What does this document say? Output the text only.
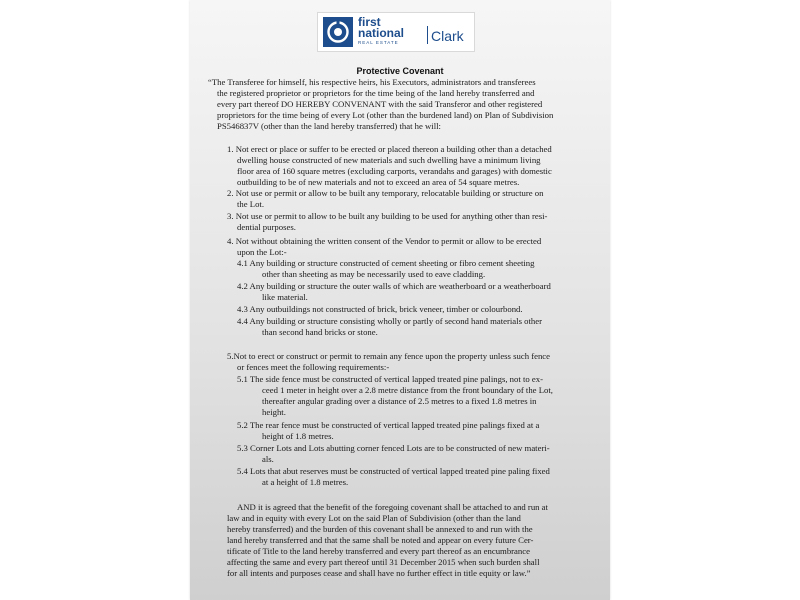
first
national
REAL ESTATE Clark
Protective Covenant

“The Transferee for himself, his respective heirs, his Executors, administrators and transferees

the registered proprietor or proprietors for the time being of the land hereby transferred and

every part thereof DO HEREBY CONVENANT with the said Transferor and other registered

proprietors for the time being of every Lot (other than the burdened land) on Plan of Subdivision

PS546837V (other than the land hereby transferred) that he will:

1. Not erect or place or suffer to be erected or placed thereon a building other than a detached

dwelling house constructed of new materials and such dwelling have a minimum living

floor area of 160 square metres (excluding carports, verandahs and garages) with domestic

outbuilding to be of new materials and not to exceed an area of 54 square metres.

2. Not use or permit or allow to be built any temporary, relocatable building or structure on

the Lot.

3. Not use or permit to allow to be built any building to be used for anything other than resi-

dential purposes.

4. Not without obtaining the written consent of the Vendor to permit or allow to be erected

upon the Lot:-

4.1 Any building or structure constructed of cement sheeting or fibro cement sheeting

other than sheeting as may be necessarily used to eave cladding.

4.2 Any building or structure the outer walls of which are weatherboard or a weatherboard

like material.

4.3 Any outbuildings not constructed of brick, brick veneer, timber or colourbond.

4.4 Any building or structure consisting wholly or partly of second hand materials other

than second hand bricks or stone.

5.Not to erect or construct or permit to remain any fence upon the property unless such fence

or fences meet the following requirements:-

5.1 The side fence must be constructed of vertical lapped treated pine palings, not to ex-

ceed 1 meter in height over a 2.8 metre distance from the front boundary of the Lot,

thereafter angular grading over a distance of 2.5 metres to a fixed 1.8 metres in

height.

5.2 The rear fence must be constructed of vertical lapped treated pine palings fixed at a

height of 1.8 metres.

5.3 Corner Lots and Lots abutting corner fenced Lots are to be constructed of new materi-

als.

5.4 Lots that abut reserves must be constructed of vertical lapped treated pine paling fixed

at a height of 1.8 metres.

AND it is agreed that the benefit of the foregoing covenant shall be attached to and run at

law and in equity with every Lot on the said Plan of Subdivision (other than the land

hereby transferred) and the burden of this covenant shall be annexed to and run with the

land hereby transferred and that the same shall be noted and appear on every future Cer-

tificate of Title to the land hereby transferred and every part thereof as an encumbrance

affecting the same and every part thereof until 31 December 2015 when such burden shall

for all intents and purposes cease and shall have no further effect in title equity or law.”
